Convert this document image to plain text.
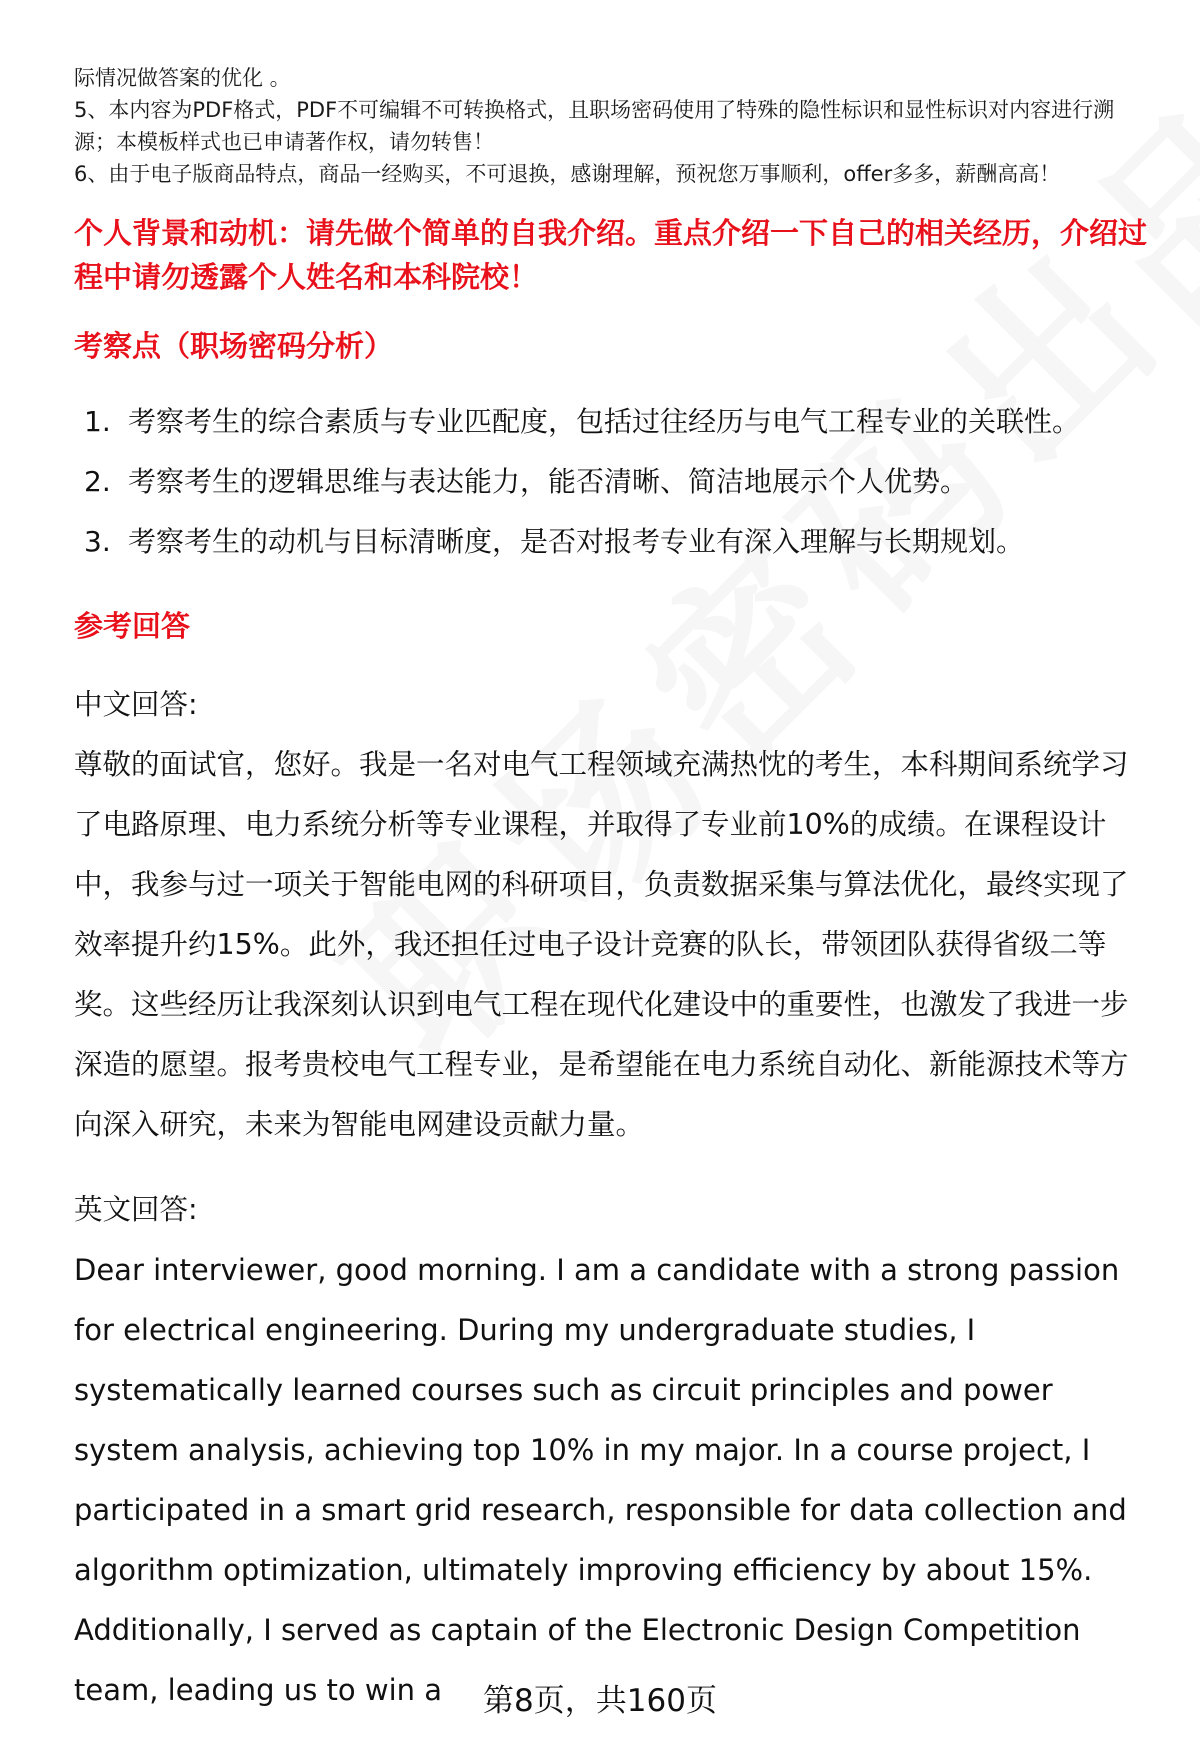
际情况做答案的优化 。

5、本内容为PDF格式，PDF不可编辑不可转换格式，且职场密码使用了特殊的隐性标识和显性标识对内容进行溯源；本模板样式也已申请著作权，请勿转售！

6、由于电子版商品特点，商品一经购买，不可退换，感谢理解，预祝您万事顺利，offer多多，薪酬高高！

个人背景和动机：请先做个简单的自我介绍。重点介绍一下自己的相关经历，介绍过程中请勿透露个人姓名和本科院校！
考察点（职场密码分析）
1. 考察考生的综合素质与专业匹配度，包括过往经历与电气工程专业的关联性。
2. 考察考生的逻辑思维与表达能力，能否清晰、简洁地展示个人优势。
3. 考察考生的动机与目标清晰度，是否对报考专业有深入理解与长期规划。
参考回答

中文回答:

尊敬的面试官，您好。我是一名对电气工程领域充满热忱的考生，本科期间系统学习了电路原理、电力系统分析等专业课程，并取得了专业前10%的成绩。在课程设计中，我参与过一项关于智能电网的科研项目，负责数据采集与算法优化，最终实现了效率提升约15%。此外，我还担任过电子设计竞赛的队长，带领团队获得省级二等奖。这些经历让我深刻认识到电气工程在现代化建设中的重要性，也激发了我进一步深造的愿望。报考贵校电气工程专业，是希望能在电力系统自动化、新能源技术等方向深入研究，未来为智能电网建设贡献力量。

英文回答:

Dear interviewer, good morning. I am a candidate with a strong passion for electrical engineering. During my undergraduate studies, I systematically learned courses such as circuit principles and power system analysis, achieving top 10% in my major. In a course project, I participated in a smart grid research, responsible for data collection and algorithm optimization, ultimately improving efficiency by about 15%. Additionally, I served as captain of the Electronic Design Competition team, leading us to win a	第8页，共160页
